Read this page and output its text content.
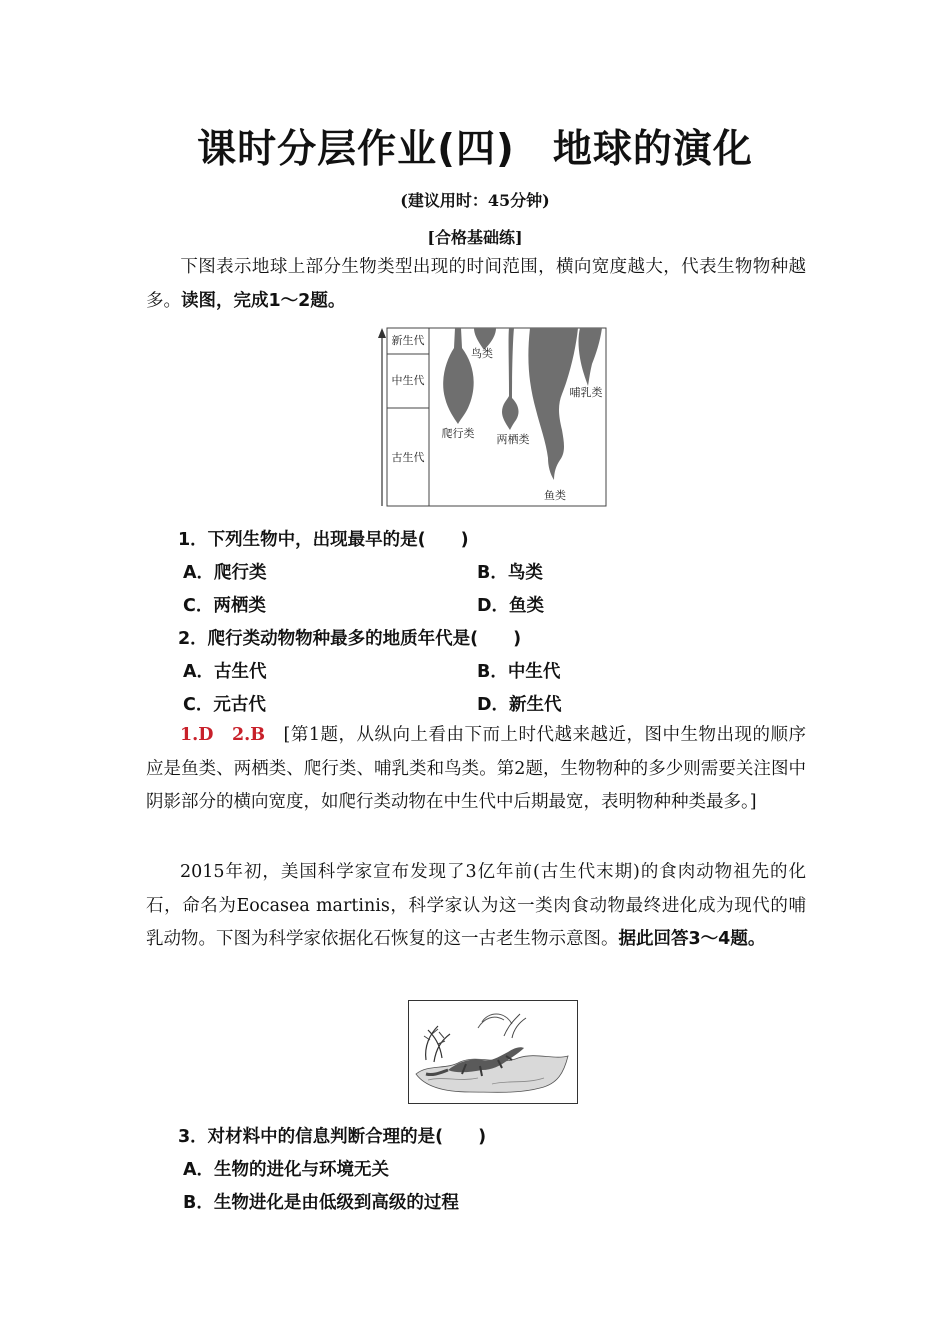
课时分层作业(四) 地球的演化
(建议用时：45分钟)
[合格基础练]
下图表示地球上部分生物类型出现的时间范围，横向宽度越大，代表生物物种越多。读图，完成1～2题。
新生代
中生代
古生代
鸟类
爬行类 两栖类
鱼类
哺乳类
1．下列生物中，出现最早的是(　　)
A．爬行类	B．鸟类
C．两栖类	D．鱼类
2．爬行类动物物种最多的地质年代是(　　)
A．古生代	B．中生代
C．元古代	D．新生代
1.D　2.B　 [第1题，从纵向上看由下而上时代越来越近，图中生物出现的顺序应是鱼类、两栖类、爬行类、哺乳类和鸟类。第2题，生物物种的多少则需要关注图中阴影部分的横向宽度，如爬行类动物在中生代中后期最宽，表明物种种类最多。]
2015年初，美国科学家宣布发现了3亿年前(古生代末期)的食肉动物祖先的化石，命名为Eocasea martinis，科学家认为这一类肉食动物最终进化成为现代的哺乳动物。下图为科学家依据化石恢复的这一古老生物示意图。据此回答3～4题。
3．对材料中的信息判断合理的是(　　)
A．生物的进化与环境无关
B．生物进化是由低级到高级的过程
